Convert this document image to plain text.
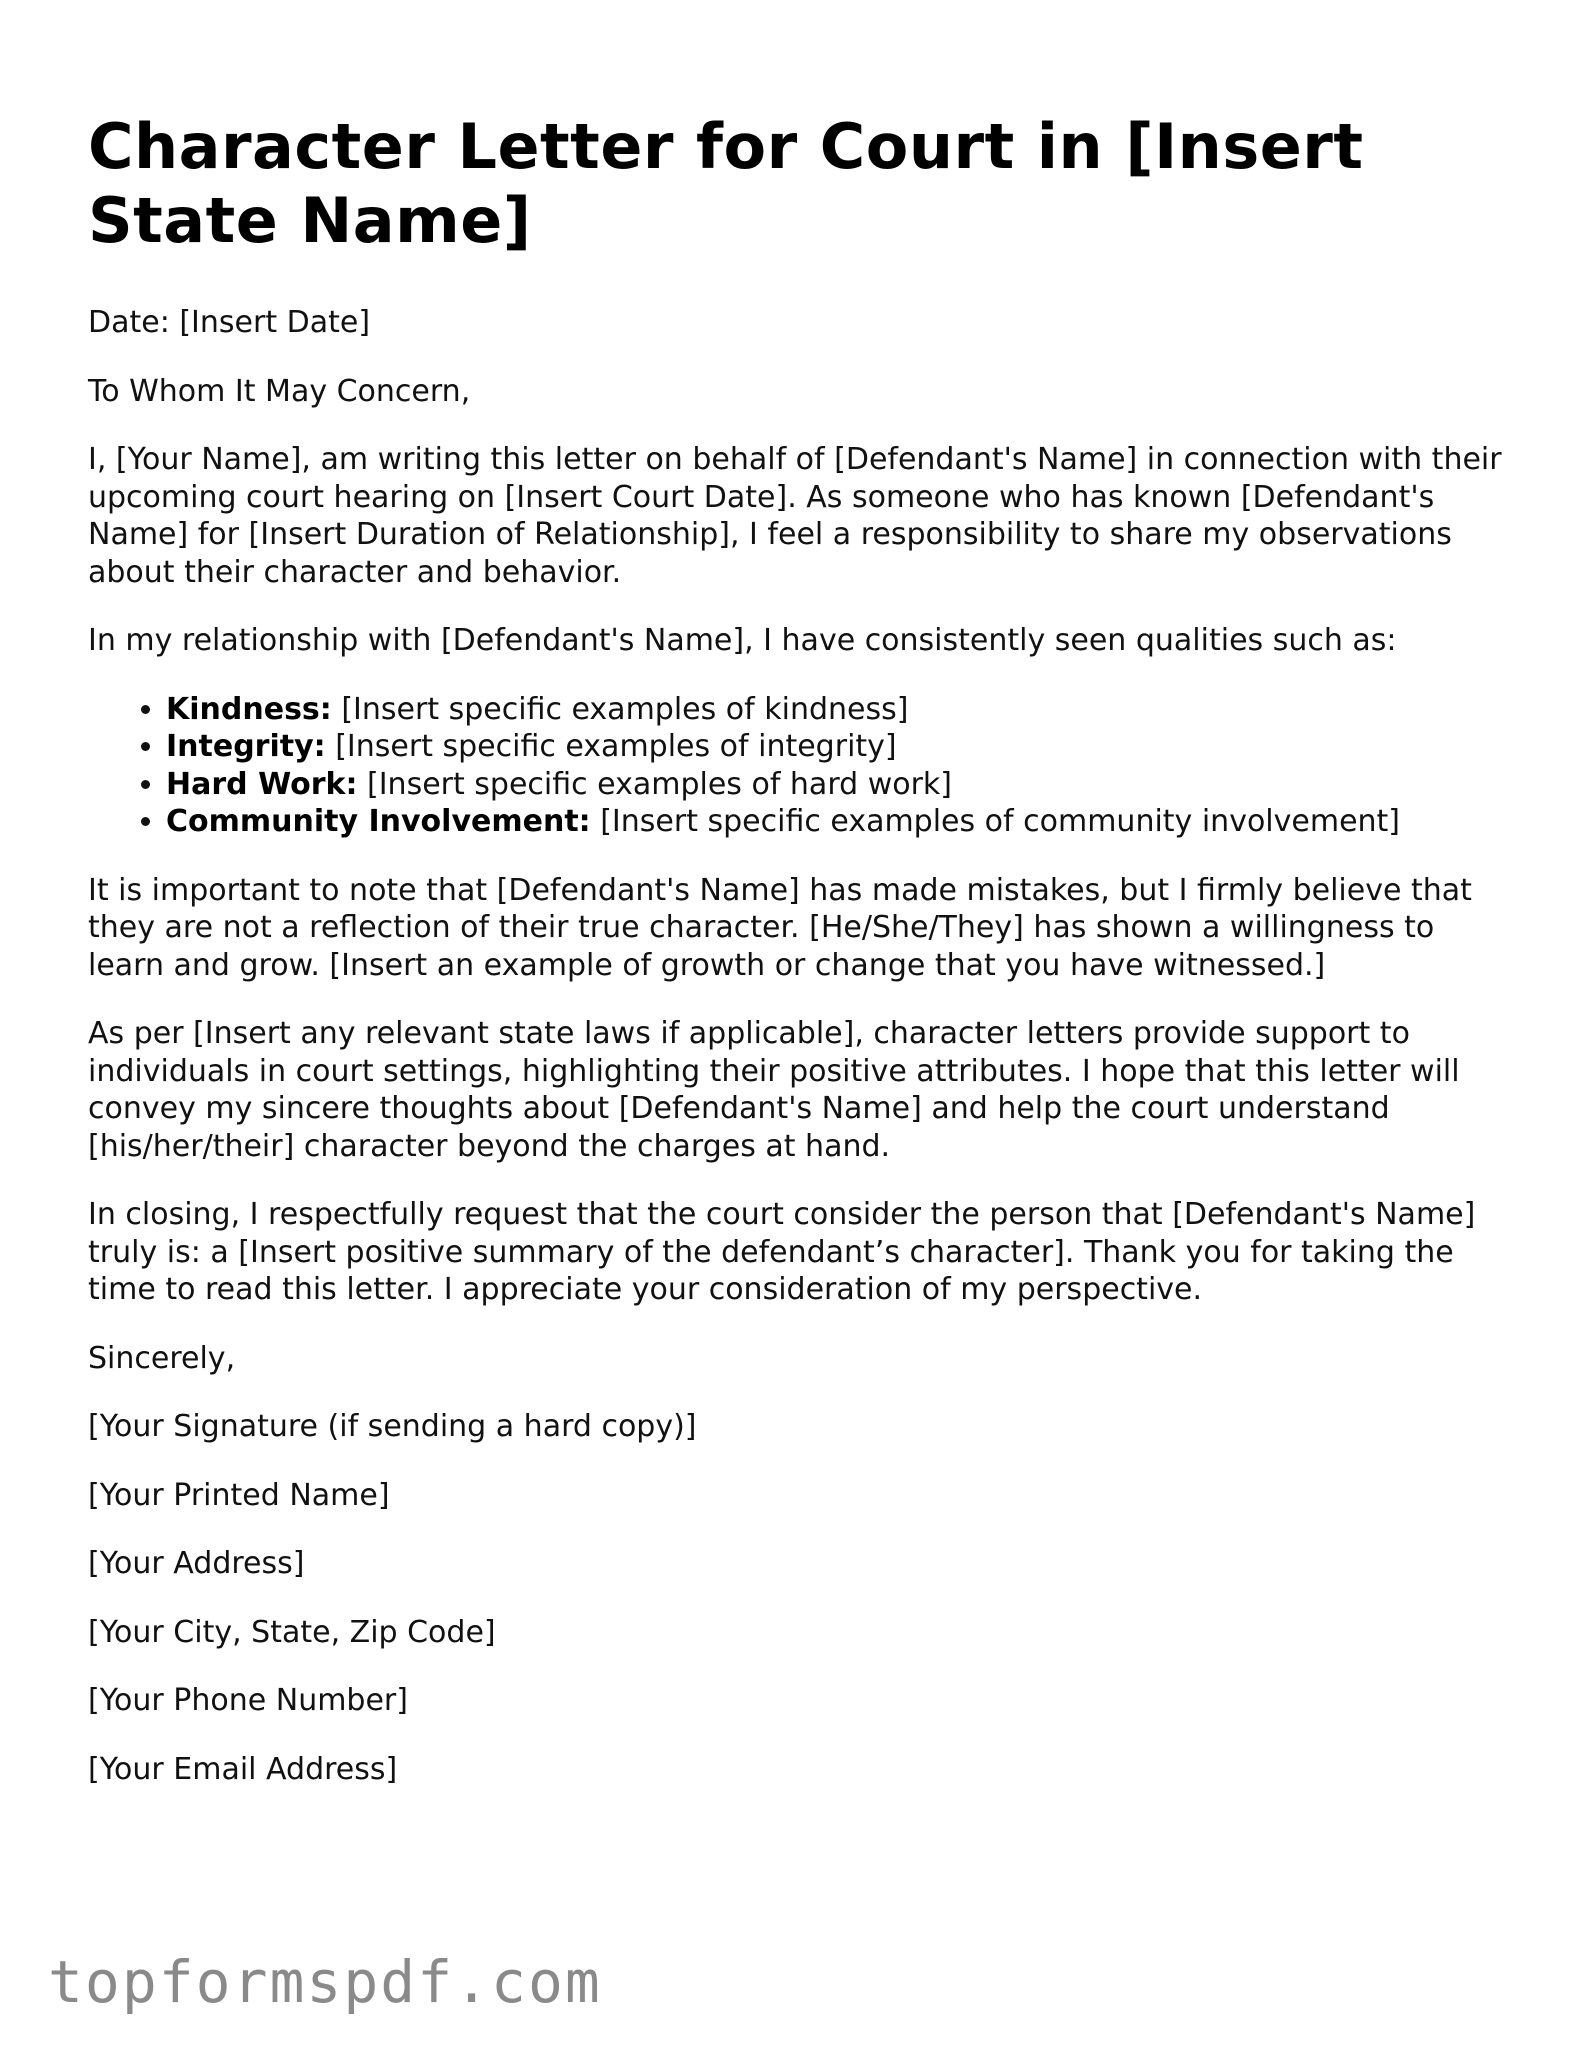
Character Letter for Court in [Insert State Name]

Date: [Insert Date]

To Whom It May Concern,

I, [Your Name], am writing this letter on behalf of [Defendant's Name] in connection with their upcoming court hearing on [Insert Court Date]. As someone who has known [Defendant's Name] for [Insert Duration of Relationship], I feel a responsibility to share my observations about their character and behavior.

In my relationship with [Defendant's Name], I have consistently seen qualities such as:

• Kindness: [Insert specific examples of kindness]
• Integrity: [Insert specific examples of integrity]
• Hard Work: [Insert specific examples of hard work]
• Community Involvement: [Insert specific examples of community involvement]

It is important to note that [Defendant's Name] has made mistakes, but I firmly believe that they are not a reflection of their true character. [He/She/They] has shown a willingness to learn and grow. [Insert an example of growth or change that you have witnessed.]

As per [Insert any relevant state laws if applicable], character letters provide support to individuals in court settings, highlighting their positive attributes. I hope that this letter will convey my sincere thoughts about [Defendant's Name] and help the court understand [his/her/their] character beyond the charges at hand.

In closing, I respectfully request that the court consider the person that [Defendant's Name] truly is: a [Insert positive summary of the defendant’s character]. Thank you for taking the time to read this letter. I appreciate your consideration of my perspective.

Sincerely,

[Your Signature (if sending a hard copy)]

[Your Printed Name]

[Your Address]

[Your City, State, Zip Code]

[Your Phone Number]

[Your Email Address]

topformspdf.com
